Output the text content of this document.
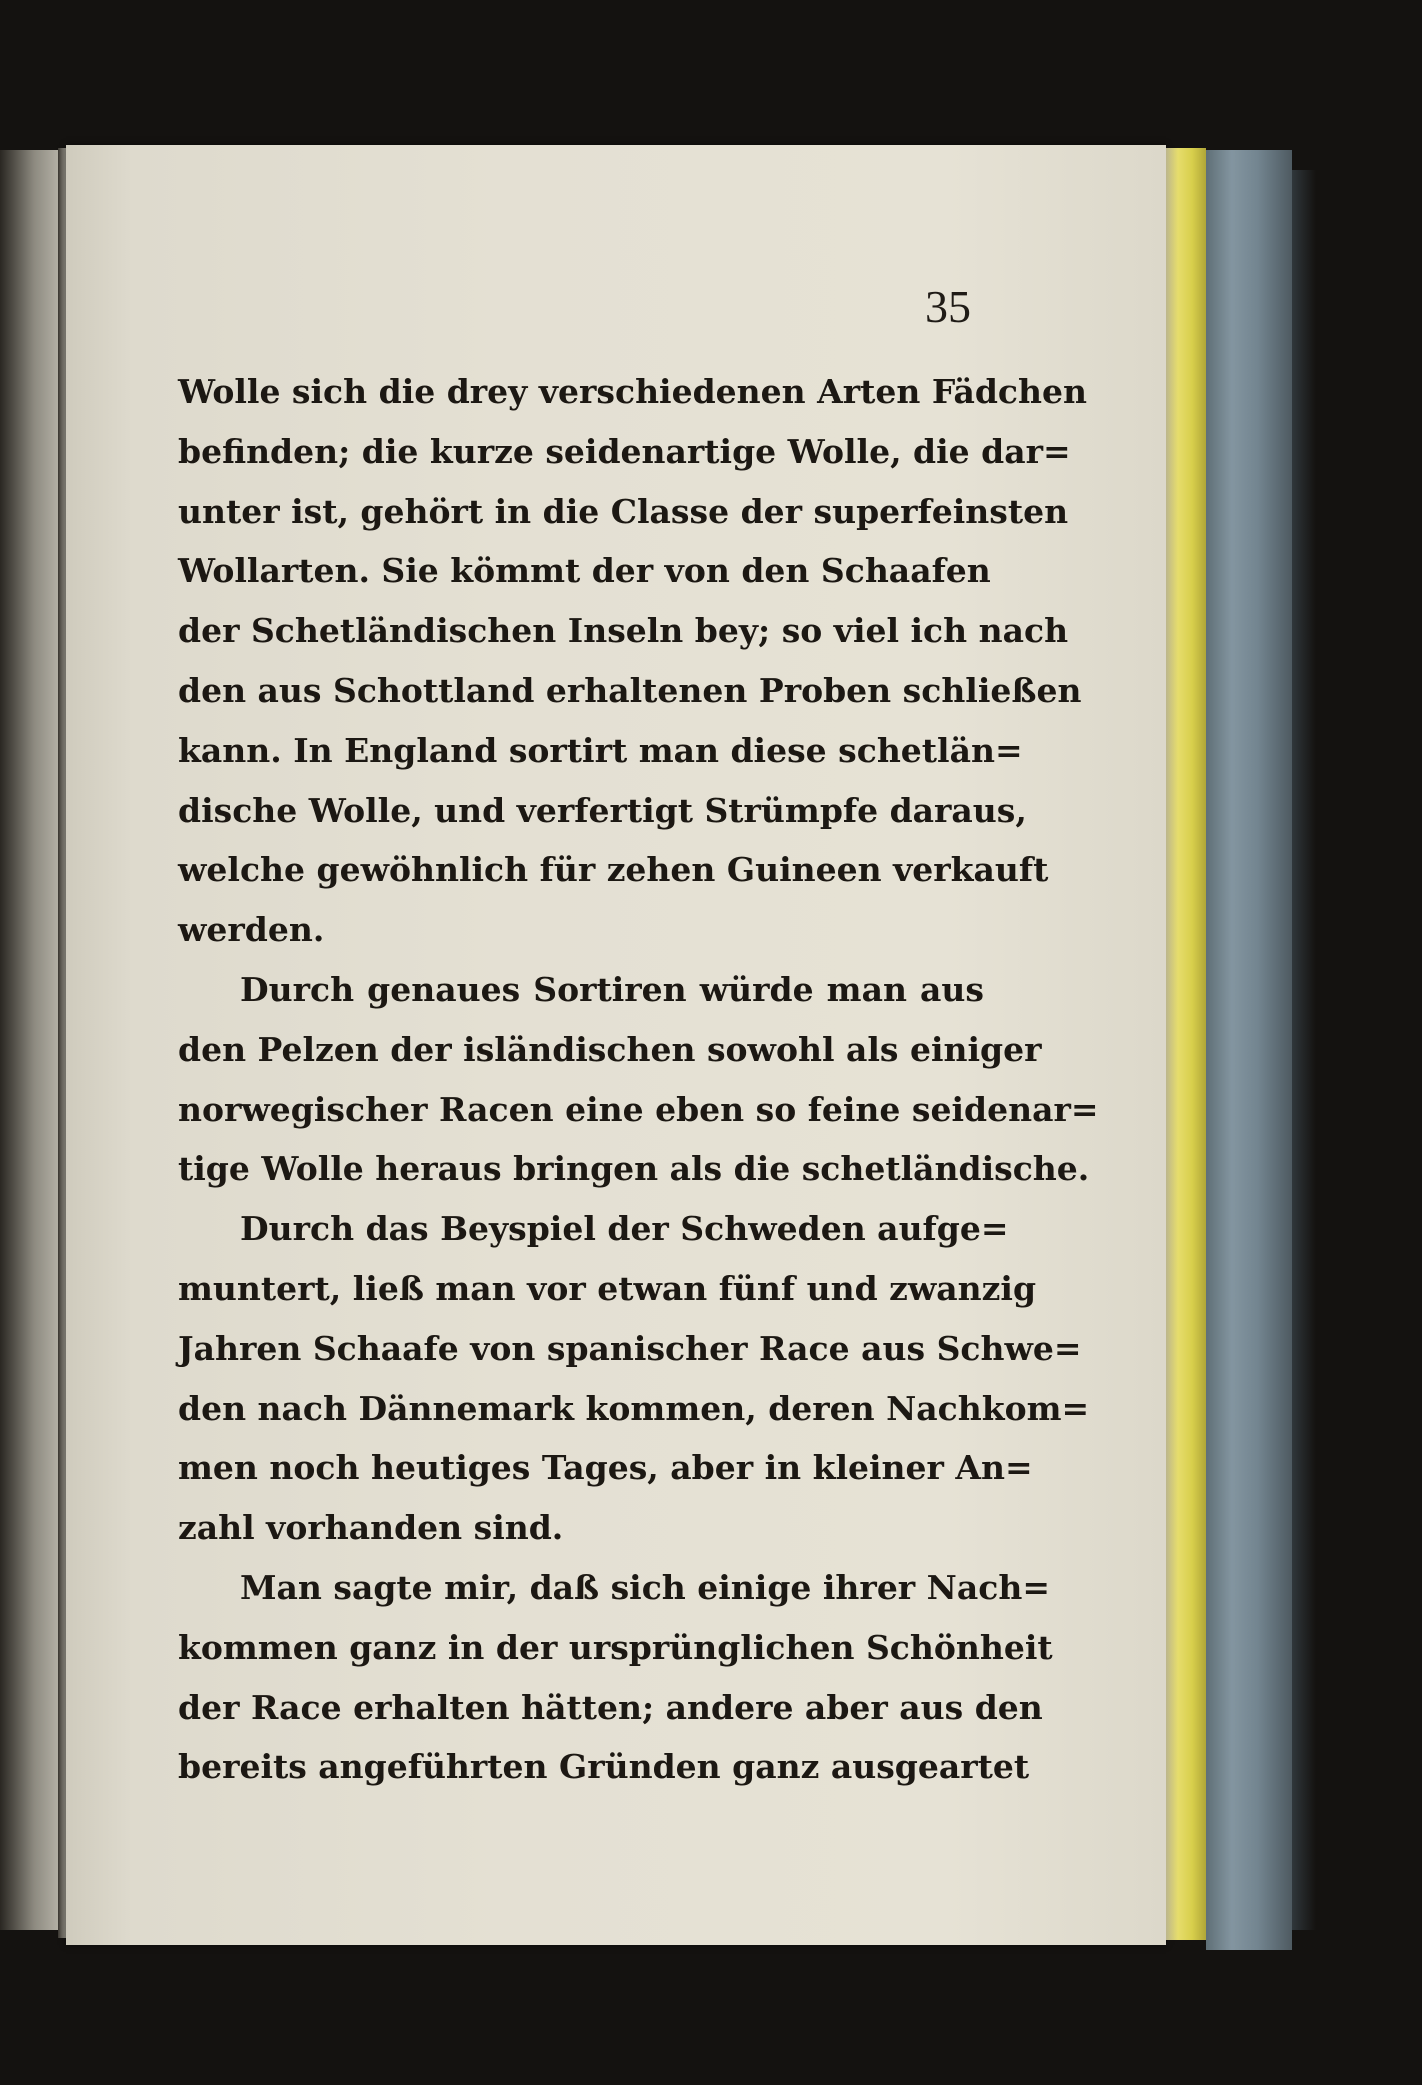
35
Wolle sich die drey verschiedenen Arten Fädchen
befinden; die kurze seidenartige Wolle, die dar=
unter ist, gehört in die Classe der superfeinsten
Wollarten. Sie kömmt der von den Schaafen
der Schetländischen Inseln bey; so viel ich nach
den aus Schottland erhaltenen Proben schließen
kann. In England sortirt man diese schetlän=
dische Wolle, und verfertigt Strümpfe daraus,
welche gewöhnlich für zehen Guineen verkauft
werden.
Durch genaues Sortiren würde man aus
den Pelzen der isländischen sowohl als einiger
norwegischer Racen eine eben so feine seidenar=
tige Wolle heraus bringen als die schetländische.
Durch das Beyspiel der Schweden aufge=
muntert, ließ man vor etwan fünf und zwanzig
Jahren Schaafe von spanischer Race aus Schwe=
den nach Dännemark kommen, deren Nachkom=
men noch heutiges Tages, aber in kleiner An=
zahl vorhanden sind.
Man sagte mir, daß sich einige ihrer Nach=
kommen ganz in der ursprünglichen Schönheit
der Race erhalten hätten; andere aber aus den
bereits angeführten Gründen ganz ausgeartet
